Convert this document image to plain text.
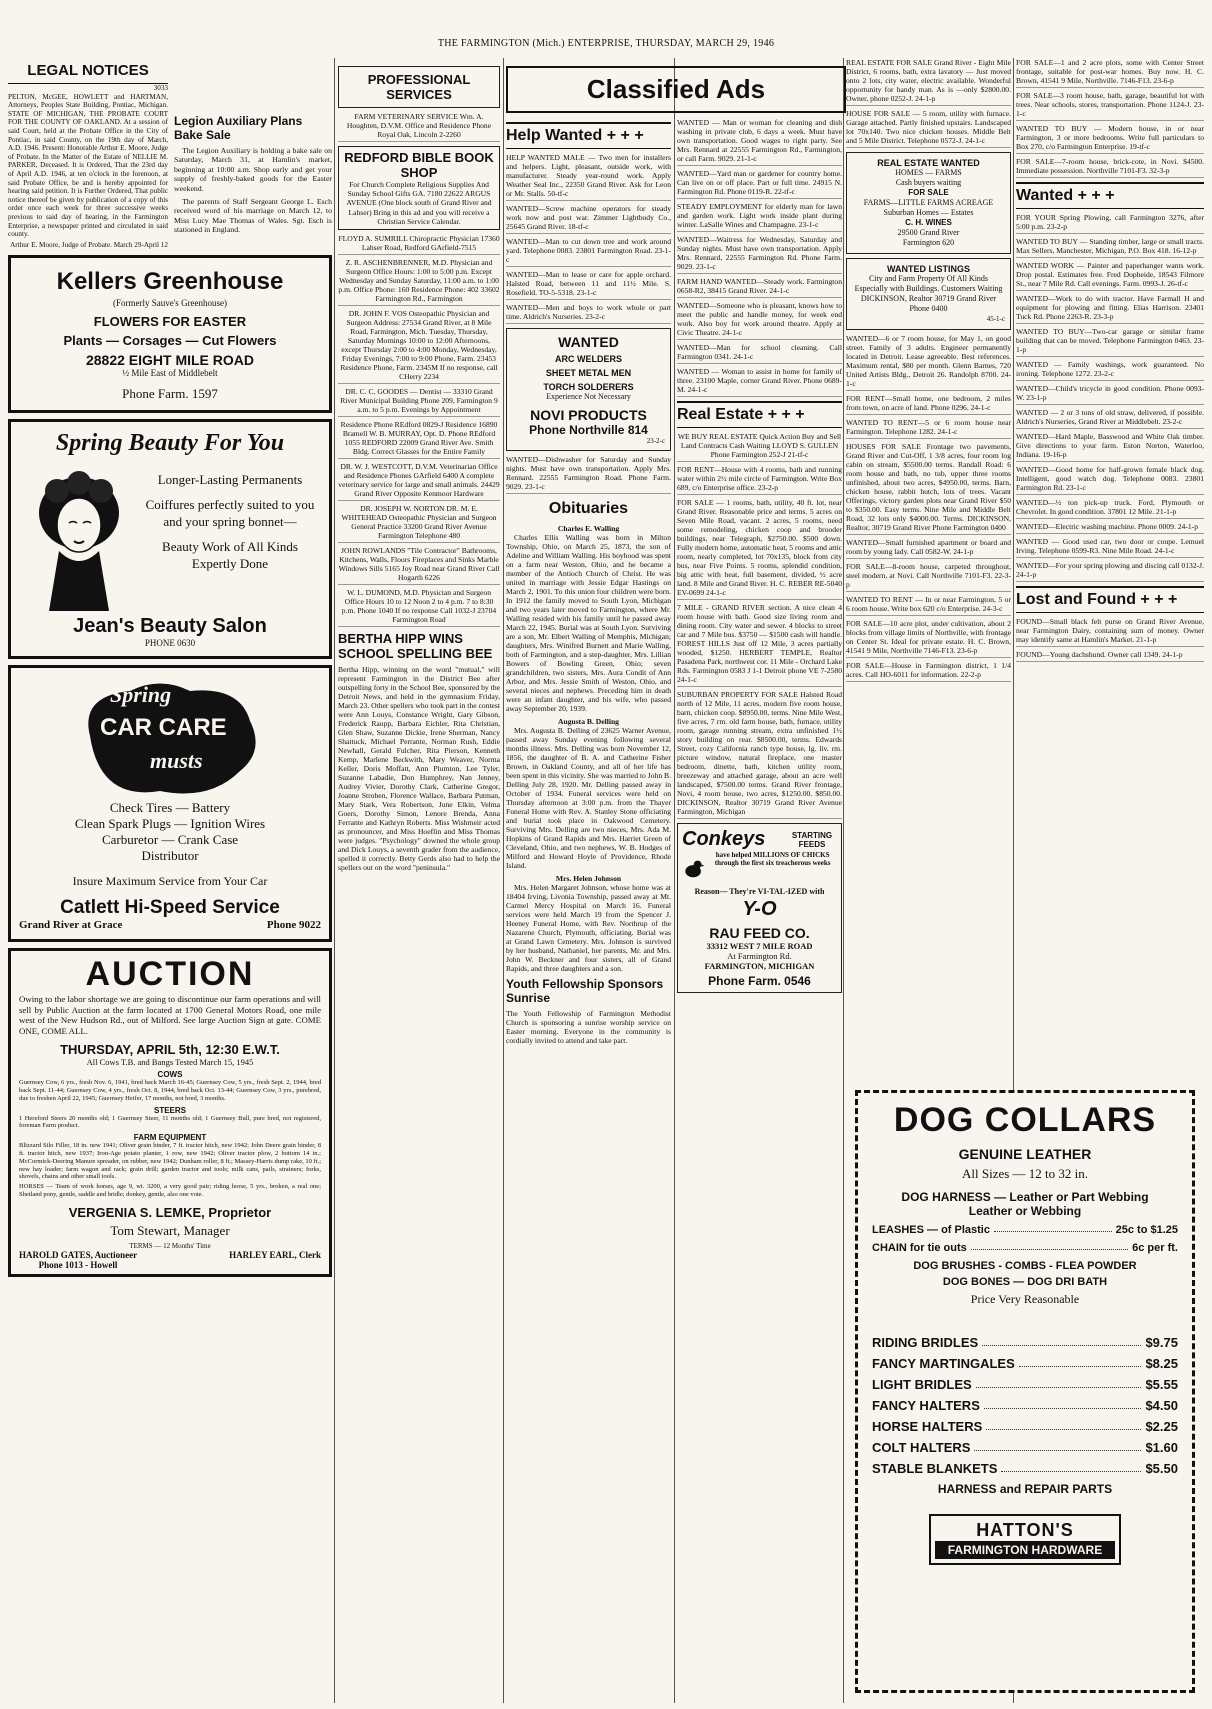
THE FARMINGTON (Mich.) ENTERPRISE, THURSDAY, MARCH 29, 1946
LEGAL NOTICES
3033
PELTON, McGEE, HOWLETT and HARTMAN, Attorneys, Peoples State Building, Pontiac, Michigan. STATE OF MICHIGAN, THE PROBATE COURT FOR THE COUNTY OF OAKLAND. At a session of said Court, held at the Probate Office in the City of Pontiac, in said County, on the 19th day of March, A.D. 1946. Present: Honorable Arthur E. Moore, Judge of Probate. In the Matter of the Estate of NELLIE M. PARKER, Deceased. It is Ordered, That the 23rd day of April A.D. 1946, at ten o'clock in the forenoon, at said Probate Office, be and is hereby appointed for hearing said petition. It is Further Ordered, That public notice thereof be given by publication of a copy of this order once each week for three successive weeks previous to said day of hearing, in the Farmington Enterprise, a newspaper printed and circulated in said county.
Arthur E. Moore, Judge of Probate. March 29-April 12
Legion Auxiliary Plans Bake Sale
The Legion Auxiliary is holding a bake sale on Saturday, March 31, at Hamlin's market, beginning at 10:00 a.m. Shop early and get your supply of freshly-baked goods for the Easter weekend.
The parents of Staff Sergeant George L. Esch received word of his marriage on March 12, to Miss Lucy Mae Thomas of Wales. Sgt. Esch is stationed in England.
Kellers Greenhouse
(Formerly Sauve's Greenhouse)
FLOWERS FOR EASTER
Plants — Corsages — Cut Flowers
28822 EIGHT MILE ROAD
½ Mile East of Middlebelt
Phone Farm. 1597
Spring Beauty For You
Longer-Lasting Permanents
Coiffures perfectly suited to you and your spring bonnet—
Beauty Work of All Kinds Expertly Done
Jean's Beauty Salon
PHONE 0630
Spring
CAR CARE
musts
Check Tires — Battery
Clean Spark Plugs — Ignition Wires
Carburetor — Crank Case
Distributor
Insure Maximum Service from Your Car
Catlett Hi-Speed Service
Grand River at Grace	Phone 9022
AUCTION
Owing to the labor shortage we are going to discontinue our farm operations and will sell by Public Auction at the farm located at 1700 General Motors Road, one mile west of the New Hudson Rd., out of Milford. See large Auction Sign at gate. COME ONE, COME ALL.
THURSDAY, APRIL 5th, 12:30 E.W.T.
All Cows T.B. and Bangs Tested March 15, 1945
COWS
Guernsey Cow, 6 yrs., fresh Nov. 6, 1941, bred back March 16-45; Guernsey Cow, 5 yrs., fresh Sept. 2, 1944, bred back Sept. 11-44; Guernsey Cow, 4 yrs., fresh Oct. 8, 1944, bred back Oct. 13-44; Guernsey Cow, 3 yrs., purebred, due to freshen April 22, 1945; Guernsey Heifer, 17 months, not bred, 3 months.
STEERS
1 Hereford Steers 20 months old; 1 Guernsey Steer, 11 months old; 1 Guernsey Bull, pure bred, not registered, foreman Farm product.
FARM EQUIPMENT
Blizzard Silo Filler, 18 in. new 1941; Oliver grain binder, 7 ft. tractor hitch, new 1942; John Deere grain binder, 8 ft. tractor hitch, new 1937; Iron-Age potato planter, 1 row, new 1942; Oliver tractor plow, 2 bottom 14 in.; McCormick-Deering Manure spreader, on rubber, new 1942; Dunham roller, 8 ft.; Massey-Harris dump rake, 10 ft.; new hay loader; farm wagon and rack; grain drill; garden tractor and tools; milk cans, pails, strainers; forks, shovels, chains and other small tools.
HORSES — Team of work horses, age 9, wt. 3200, a very good pair; riding horse, 5 yrs., broken, a real one; Shetland pony, gentle, saddle and bridle; donkey, gentle, also one vote.
VERGENIA S. LEMKE, Proprietor
Tom Stewart, Manager
TERMS — 12 Months' Time
HAROLD GATES, Auctioneer
Phone 1013 - Howell
HARLEY EARL, Clerk
PROFESSIONAL SERVICES
FARM VETERINARY SERVICE Wm. A. Houghten, D.V.M. Office and Residence Phone Royal Oak, Lincoln 2-2260
REDFORD BIBLE BOOK SHOP
For Church Complete Religious Supplies And Sunday School Gifts GA. 7180 22622 ARGUS AVENUE (One block south of Grand River and Lahser) Bring in this ad and you will receive a Christian Service Calendar.
FLOYD A. SUMRILL Chiropractic Physician 17360 Lahser Road, Redford GArfield-7515
Z. R. ASCHENBRENNER, M.D. Physician and Surgeon Office Hours: 1:00 to 5:00 p.m. Except Wednesday and Sunday Saturday, 11:00 a.m. to 1:00 p.m. Office Phone: 160 Residence Phone: 402 33602 Farmington Rd., Farmington
DR. JOHN F. VOS Osteopathic Physician and Surgeon Address: 27534 Grand River, at 8 Mile Road, Farmington, Mich. Tuesday, Thursday, Saturday Mornings 10:00 to 12:00 Afternoons, except Thursday 2:00 to 4:00 Monday, Wednesday, Friday Evenings, 7:00 to 9:00 Phone, Farm. 23453 Residence Phone, Farm. 2345M If no response, call CHerry 2234
DR. C. C. GOODES — Dentist — 33310 Grand River Municipal Building Phone 209, Farmington 9 a.m. to 5 p.m. Evenings by Appointment
Residence Phone REdford 0829-J Residence 16890 Bramell W. B. MURRAY, Opt. D. Phone REdford 1055 REDFORD 22009 Grand River Ave. Smith Bldg. Correct Glasses for the Entire Family
DR. W. J. WESTCOTT, D.V.M. Veterinarian Office and Residence Phones GArfield 6400 A complete veterinary service for large and small animals. 24429 Grand River Opposite Kenmoor Hardware
DR. JOSEPH W. NORTON DR. M. E. WHITEHEAD Osteopathic Physician and Surgeon General Practice 33200 Grand River Avenue Farmington Telephone 480
JOHN ROWLANDS "Tile Contractor" Bathrooms, Kitchens, Walls, Floors Fireplaces and Sinks Marble Windows Sills 5165 Joy Road near Grand River Call Hogarth 6226
W. L. DUMOND, M.D. Physician and Surgeon Office Hours 10 to 12 Noon 2 to 4 p.m. 7 to 8:30 p.m. Phone 1040 If no response Call 1032-J 23704 Farmington Road
BERTHA HIPP WINS SCHOOL SPELLING BEE
Bertha Hipp, winning on the word "mutual," will represent Farmington in the District Bee after outspelling forty in the School Bee, sponsored by the Detroit News, and held in the gymnasium Friday, March 23. Other spellers who took part in the contest were Ann Louys, Constance Wright, Gary Gibson, Frederick Raupp, Barbara Eichler, Rita Christian, Glen Shaw, Suzanne Dickie, Irene Sherman, Nancy Shattuck, Michael Perrante, Norman Rush, Eddie Newhall, Gerald Fulcher, Rita Pierson, Kenneth Kemp, Marlene Beckwith, Mary Weaver, Norma Keller, Doris Moffatt, Ann Plumton, Lee Tyler, Suzanne Labadie, Don Humphrey, Nan Jenney, Audrey Vivier, Dorothy Clark, Catherine Gregor, Joanne Stroben, Florence Wallace, Barbara Putman, Mary Stark, Vera Robertson, June Elkin, Velma Goers, Dorothy Simon, Lenore Brenda, Anna Ferrante and Kathryn Roberts. Miss Wishmeir acted as pronouncer, and Miss Hoeflin and Miss Thomas were judges. "Psychology" downed the whole group and Dick Louys, a seventh grader from the audience, spelled it correctly. Betty Gerds also had to help the spellers out on the word "peninsula."
Classified Ads
Help Wanted + + +
HELP WANTED MALE — Two men for installers and helpers. Light, pleasant, outside work, with manufacturer. Steady year-round work. Apply Weather Seal Inc., 22350 Grand River. Ask for Leon or Mr. Stalls. 50-tf-c
WANTED—Screw machine operators for steady work now and post war. Zimmer Lightbody Co., 25645 Grand River. 18-tf-c
WANTED—Man to cut down tree and work around yard. Telephone 0083. 23801 Farmington Road. 23-1-c
WANTED—Man to lease or care for apple orchard. Halsted Road, between 11 and 11½ Mile. S. Rosefield. TO-5-5318. 23-1-c
WANTED—Men and boys to work whole or part time. Aldrich's Nurseries. 23-2-c
WANTED
ARC WELDERS
SHEET METAL MEN
TORCH SOLDERERS
Experience Not Necessary
NOVI PRODUCTS
Phone Northville 814
23-2-c
WANTED—Dishwasher for Saturday and Sunday nights. Must have own transportation. Apply Mrs. Rennard. 22555 Farmington Road. Phone Farm. 9029. 23-1-c
Obituaries
Charles E. Walling

Charles Ellis Walling was born in Milton Township, Ohio, on March 25, 1873, the son of Adeline and William Walling. His boyhood was spent on a farm near Weston, Ohio, and he became a member of the Antioch Church of Christ. He was united in marriage with Jessie Edgar Hastings on March 2, 1901. To this union four children were born. In 1912 the family moved to South Lyon, Michigan and two years later moved to Farmington, where Mr. Walling resided with his family until he passed away March 22, 1945. Burial was at South Lyon. Surviving are a son, Mr. Elbert Walling of Memphis, Michigan; daughters, Mrs. Winifred Burnett and Marie Walling, both of Farmington, and a step-daughter, Mrs. Lillian Bowers of Bowling Green, Ohio; seven grandchildren, two sisters, Mrs. Aura Condit of Ann Arbor, and Mrs. Jessie Smith of Weston, Ohio, and several nieces and nephews. Preceding him in death were an infant daughter, and his wife, who passed away September 20, 1939.

Augusta B. Delling

Mrs. Augusta B. Delling of 23625 Warner Avenue, passed away Sunday evening following several months illness. Mrs. Delling was born November 12, 1856, the daughter of B. A. and Catherine Fisher Brown, in Oakland County, and all of her life has been spent in this vicinity. She was married to John B. Delling July 28, 1920. Mr. Delling passed away in October of 1934. Funeral services were held on Thursday afternoon at 3:00 p.m. from the Thayer Funeral Home with Rev. A. Stanley Stone officiating and burial took place in Oakwood Cemetery. Surviving Mrs. Delling are two nieces, Mrs. Ada M. Hopkins of Grand Rapids and Mrs. Harriet Green of Cleveland, Ohio, and two nephews, W. B. Hodges of Milford and Howard Hoyle of Providence, Rhode Island.

Mrs. Helen Johnson

Mrs. Helen Margaret Johnson, whose home was at 18404 Irving, Livonia Township, passed away at Mt. Carmel Mercy Hospital on March 16. Funeral services were held March 19 from the Spencer J. Heeney Funeral Home, with Rev. Northrup of the Nazarene Church, Plymouth, officiating. Burial was at Grand Lawn Cemetery. Mrs. Johnson is survived by her husband, Nathaniel, her parents, Mr. and Mrs. John W. Beckner and four sisters, all of Grand Rapids, and three daughters and a son.

Youth Fellowship Sponsors Sunrise
The Youth Fellowship of Farmington Methodist Church is sponsoring a sunrise worship service on Easter morning. Everyone in the community is cordially invited to attend and take part.
WANTED — Man or woman for cleaning and dish washing in private club, 6 days a week. Must have own transportation. Good wages to right party. See Mrs. Rennard at 22555 Farmington Rd., Farmington, or call Farm. 9029. 21-1-c
WANTED—Yard man or gardener for country home. Can live on or off place. Part or full time. 24915 N. Farmington Rd. Phone 0119-R. 22-tf-c
STEADY EMPLOYMENT for elderly man for lawn and garden work. Light work inside plant during winter. LaSalle Wines and Champagne. 23-1-c
WANTED—Waitress for Wednesday, Saturday and Sunday nights. Must have own transportation. Apply Mrs. Rennard, 22555 Farmington Rd. Phone Farm. 9029. 23-1-c
FARM HAND WANTED—Steady work. Farmington 0658-R2, 38415 Grand River. 24-1-c
WANTED—Someone who is pleasant, knows how to meet the public and handle money, for week end work. Also boy for work around theatre. Apply at Civic Theatre. 24-1-c
WANTED—Man for school cleaning. Call Farmington 0341. 24-1-c
WANTED — Woman to assist in home for family of three. 23100 Maple, corner Grand River. Phone 0689-M. 24-1-c
Real Estate + + +
WE BUY REAL ESTATE Quick Action Buy and Sell Land Contracts Cash Waiting LLOYD S. GULLEN Phone Farmington 252-J 21-tf-c
FOR RENT—House with 4 rooms, bath and running water within 2½ mile circle of Farmington. Write Box 689, c/o Enterprise office. 23-2-p
FOR SALE — 1 rooms, bath, utility, 40 ft. lot, near Grand River. Reasonable price and terms. 5 acres on Seven Mile Road, vacant. 2 acres, 5 rooms, need some remodeling, chicken coop and brooder buildings, near Telegraph, $2750.00. $500 down. Fully modern home, automatic heat, 5 rooms and attic room, nearly completed, lot 70x135, block from city bus, near Five Points. 5 rooms, splendid condition, big attic with heat, full basement, divided, ½ acre land. 8 Mile and Grand River. H. C. REBER RE-5040 EV-0699 24-1-c
7 MILE - GRAND RIVER section. A nice clean 4 room house with bath. Good size living room and dining room. City water and sewer. 4 blocks to street car and 7 Mile bus. $3750 — $1500 cash will handle. FOREST HILLS Just off 12 Mile, 3 acres partially wooded, $1250. HERBERT TEMPLE, Realtor Pasadena Park, northwest cor. 11 Mile - Orchard Lake Rds. Farmington 0583 J 1-1 Detroit phone VE 7-2580 24-1-c
SUBURBAN PROPERTY FOR SALE Halsted Road north of 12 Mile, 11 acres, modern five room house, barn, chicken coop. $8950.00, terms. Nine Mile West, five acres, 7 rm. old farm house, bath, furnace, utility room, garage running stream, extra unfinished 1½ story building on rear. $8500.00, terms. Edwards Street, cozy California ranch type house, lg. liv. rm. picture window, natural fireplace, one master bedroom, dinette, bath, kitchen utility room, breezeway and attached garage, about an acre well landscaped, $7500.00 terms. Grand River frontage, Novi, 4 room house, two acres, $1250.00. $850.00. DICKINSON, Realtor 30719 Grand River Avenue Farmington, Michigan
Conkeys	STARTING FEEDS
have helped MILLIONS OF CHICKS through the first six treacherous weeks
Reason— They're VI-TAL-IZED with
Y-O
RAU FEED CO.
33312 WEST 7 MILE ROAD
At Farmington Rd.
FARMINGTON, MICHIGAN
Phone Farm. 0546
REAL ESTATE FOR SALE Grand River - Eight Mile District, 6 rooms, bath, extra lavatory — Just moved onto 2 lots, city water, electric available. Wonderful opportunity for handy man. As is —only $2800.00. Owner, phone 0252-J. 24-1-p
HOUSE FOR SALE — 5 room, utility with furnace. Garage attached. Partly finished upstairs. Landscaped lot 70x140. Two nice chicken houses. Middle Belt and 5 Mile District. Telephone 0572-J. 24-1-c
REAL ESTATE WANTED
HOMES — FARMS
Cash buyers waiting
FOR SALE
FARMS—LITTLE FARMS ACREAGE
Suburban Homes — Estates
C. H. WINES
29500 Grand River
Farmington 620
WANTED LISTINGS
City and Farm Property Of All Kinds Especially with Buildings. Customers Waiting DICKINSON, Realtor 30719 Grand River Phone 0400
45-1-c
WANTED—6 or 7 room house, for May 1, on good street. Family of 3 adults. Engineer permanently located in Detroit. Lease agreeable. Best references. Maximum rental, $80 per month. Glenn Barnes, 720 United Artists Bldg., Detroit 26. Randolph 8700. 24-1-c
FOR RENT—Small home, one bedroom, 2 miles from town, on acre of land. Phone 0296. 24-1-c
WANTED TO RENT—5 or 6 room house near Farmington. Telephone 1282. 24-1-c
HOUSES FOR SALE Frontage two pavements, Grand River and Cut-Off, 1 3/8 acres, four room log cabin on stream, $5500.00 terms. Randall Road: 6 room house and bath, no tub, upper three rooms unfinished, about two acres, $4950.00, terms. Barn, chicken house, rabbit hutch, lots of trees. Vacant Offerings, victory garden plots near Grand River $50 to $350.00. Easy terms. Nine Mile and Middle Belt Road, 32 lots only $4000.00. Terms. DICKINSON, Realtor, 30719 Grand River Phone Farmington 0400
WANTED—Small furnished apartment or board and room by young lady. Call 0582-W. 24-1-p
FOR SALE—8-room house, carpeted throughout, steel modern, at Novi. Call Northville 7101-F3. 22-3-p
WANTED TO RENT — In or near Farmington, 5 or 6 room house. Write box 620 c/o Enterprise. 24-3-c
FOR SALE—10 acre plot, under cultivation, about 2 blocks from village limits of Northville, with frontage on Center St. Ideal for private estate. H. C. Brown, 41541 9 Mile, Northville 7146-F13. 23-6-p
FOR SALE—House in Farmington district, 1 1/4 acres. Call HO-6011 for information. 22-2-p
FOR SALE—1 and 2 acre plots, some with Center Street frontage, suitable for post-war homes. Buy now. H. C. Brown, 41541 9 Mile, Northville. 7146-F13. 23-6-p
FOR SALE—3 room house, bath, garage, beautiful lot with trees. Near schools, stores, transportation. Phone 1124-J. 23-1-c
WANTED TO BUY — Modern house, in or near Farmington, 3 or more bedrooms. Write full particulars to Box 270, c/o Farmington Enterprise. 19-tf-c
FOR SALE—7-room house, brick-cote, in Novi. $4500. Immediate possession. Northville 7101-F3. 32-3-p
Wanted + + +
FOR YOUR Spring Plowing, call Farmington 3276, after 5:00 p.m. 23-2-p
WANTED TO BUY — Standing timber, large or small tracts. Max Sellers, Manchester, Michigan, P.O. Box 418. 16-12-p
WANTED WORK — Painter and paperhanger wants work. Drop postal. Estimates free. Fred Dopheide, 18543 Filmore St., near 7 Mile Rd. Call evenings. Farm. 0993-J. 26-tf-c
WANTED—Work to do with tractor. Have Farmall H and equipment for plowing and fitting. Elias Harrison. 23401 Tuck Rd. Phone 2263-R. 23-3-p
WANTED TO BUY—Two-car garage or similar frame building that can be moved. Telephone Farmington 0463. 23-1-p
WANTED — Family washings, work guaranteed. No ironing. Telephone 1272. 23-2-c
WANTED—Child's tricycle in good condition. Phone 0093-W. 23-1-p
WANTED — 2 or 3 tons of old straw, delivered, if possible. Aldrich's Nurseries, Grand River at Middlebelt. 23-2-c
WANTED—Hard Maple, Basswood and White Oak timber. Give directions to your farm. Eston Norton, Waterloo, Indiana. 19-16-p
WANTED—Good home for half-grown female black dog. Intelligent, good watch dog. Telephone 0083. 23801 Farmington Rd. 23-1-c
WANTED—½ ton pick-up truck. Ford, Plymouth or Chevrolet. In good condition. 37801 12 Mile. 21-1-p
WANTED—Electric washing machine. Phone 0009. 24-1-p
WANTED — Good used car, two door or coupe. Lemuel Irving. Telephone 0599-R3. Nine Mile Road. 24-1-c
WANTED—For your spring plowing and discing call 0132-J. 24-1-p
Lost and Found + + +
FOUND—Small black felt purse on Grand River Avenue, near Farmington Dairy, containing sum of money. Owner may identify same at Hamlin's Market. 21-1-p
FOUND—Young dachshund. Owner call 1349. 24-1-p
DOG COLLARS
GENUINE LEATHER
All Sizes — 12 to 32 in.
DOG HARNESS — Leather or Part Webbing
Leather or Webbing
LEASHES — of Plastic	25c to $1.25
CHAIN for tie outs	6c per ft.
DOG BRUSHES - COMBS - FLEA POWDER
DOG BONES — DOG DRI BATH
Price Very Reasonable
RIDING BRIDLES	$9.75
FANCY MARTINGALES	$8.25
LIGHT BRIDLES	$5.55
FANCY HALTERS	$4.50
HORSE HALTERS	$2.25
COLT HALTERS	$1.60
STABLE BLANKETS	$5.50
HARNESS and REPAIR PARTS
HATTON'S
FARMINGTON HARDWARE
